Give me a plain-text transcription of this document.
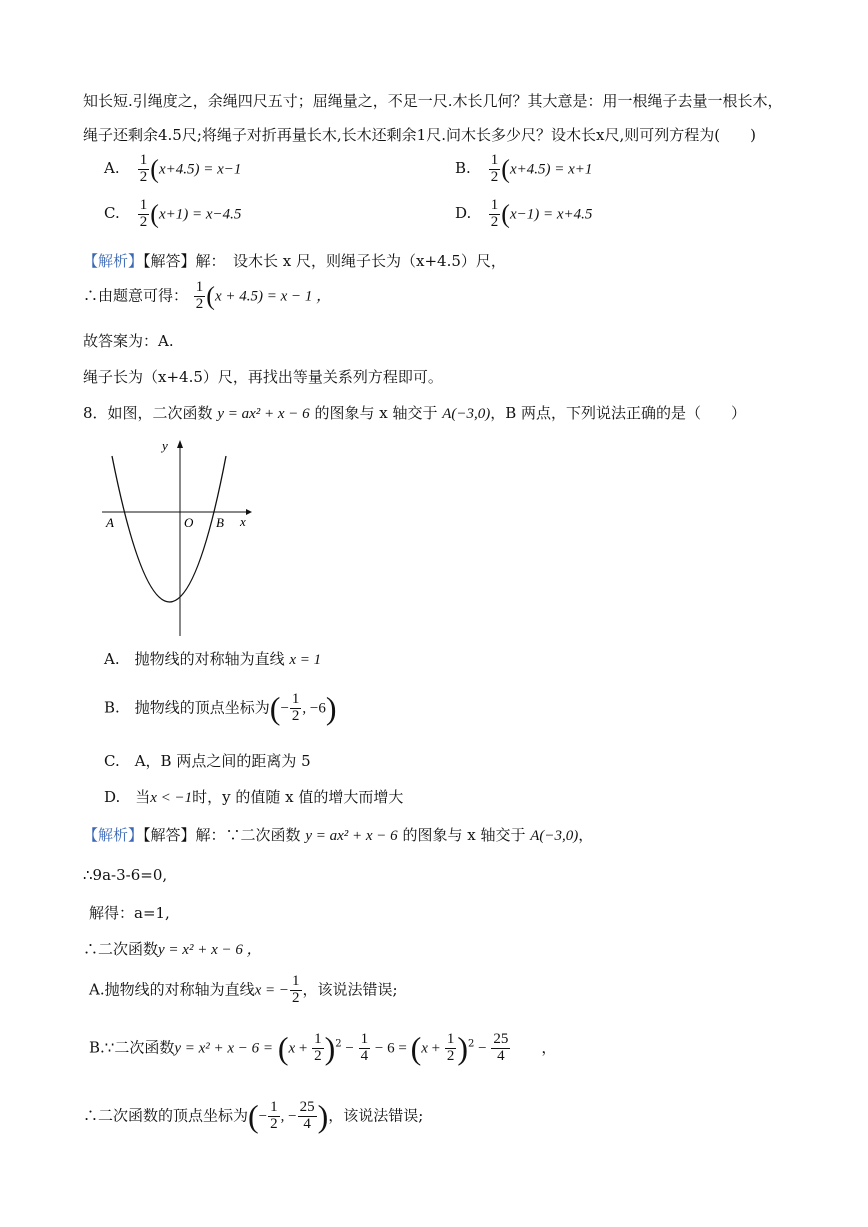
知长短.引绳度之，余绳四尺五寸；屈绳量之，不足一尺.木长几何？其大意是：用一根绳子去量一根长木，
绳子还剩余4.5尺;将绳子对折再量长木,长木还剩余1尺.问木长多少尺？设木长x尺,则可列方程为(　　)
A. $\frac{1}{2} (x+4.5) = x-1$	B. $\frac{1}{2} (x+4.5) = x+1$
C. $\frac{1}{2} (x+1) = x-4.5$	D. $\frac{1}{2} (x-1) = x+4.5$
【解析】【解答】解：　设木长 x 尺，则绳子长为（x+4.5）尺，
∴由题意可得： $\frac{1}{2} (x + 4.5) = x - 1$ ，
故答案为：A.
绳子长为（x+4.5）尺，再找出等量关系列方程即可。
8．如图，二次函数 y = ax² + x − 6 的图象与 x 轴交于 A(−3,0)，B 两点，下列说法正确的是（　　）
y
x
A	O B
A.　抛物线的对称轴为直线 x = 1
B.　抛物线的顶点坐标为(− $\frac{1}{2}$ , −6)
C.　A，B 两点之间的距离为 5
D.　当x < −1时，y 的值随 x 值的增大而增大
【解析】【解答】解：∵二次函数 y = ax² + x − 6 的图象与 x 轴交于 A(−3,0)，
∴9a-3-6=0,
解得：a=1,
∴二次函数y = x² + x − 6 ，
A.抛物线的对称轴为直线x = − $\frac{1}{2}$ ，该说法错误;
B.∵二次函数$y = x^2 + x - 6 = (x + \frac{1}{2} )^2 - \frac{1}{4} - 6 = (x + \frac{1}{2} )^2 - \frac{25}{4}$ 　　，
∴二次函数的顶点坐标为(− $\frac{1}{2}$ , − $\frac{25}{4}$ )，该说法错误;
